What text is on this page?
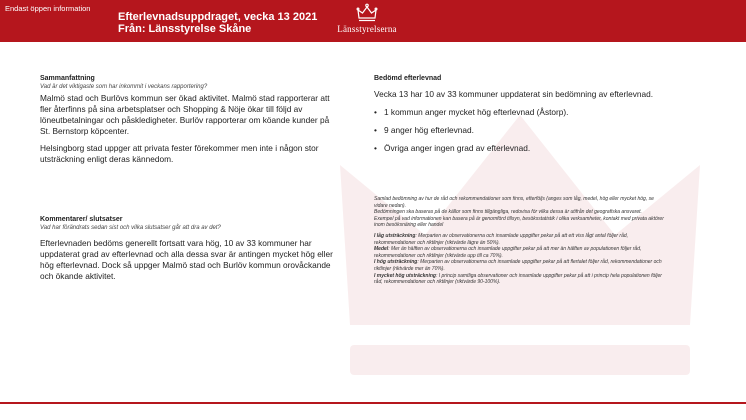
Endast öppen information
Efterlevnadsuppdraget, vecka 13 2021
Från: Länsstyrelse Skåne	Länsstyrelserna
Sammanfattning
Vad är det viktigaste som har inkommit i veckans rapportering?

Malmö stad och Burlövs kommun ser ökad aktivitet. Malmö stad rapporterar att fler återfinns på sina arbetsplatser och Shopping & Nöje ökar till följd av löneutbetalningar och påskledigheter. Burlöv rapporterar om köande kunder på St. Bernstorp köpcenter.

Helsingborg stad uppger att privata fester förekommer men inte i någon stor utsträckning enligt deras kännedom.

Kommentarer/ slutsatser
Vad har förändrats sedan sist och vilka slutsatser går att dra av det?

Efterlevnaden bedöms generellt fortsatt vara hög, 10 av 33 kommuner har uppdaterat grad av efterlevnad och alla dessa svar är antingen mycket hög eller hög efterlevnad. Dock så uppger Malmö stad och Burlöv kommun orovåckande och ökande aktivitet.

Bedömd efterlevnad
Vecka 13 har 10 av 33 kommuner uppdaterat sin bedömning av efterlevnad.
• 1 kommun anger mycket hög efterlevnad (Åstorp).
• 9 anger hög efterlevnad.
• Övriga anger ingen grad av efterlevnad.

Samlad bedömning av hur de råd och rekommendationer som finns, efterföljs (anges som låg, medel, hög eller mycket hög, se vidare nedan).

Bedömningen ska baseras på de källor som finns tillgängliga, redovisa för vilka dessa är utifrån det geografiska ansvaret.

Exempel på vad informationen kan basera på är genomförd tillsyn, besöksstatistik i olika verksamheter, kontakt med privata aktörer inom besöksnäring eller handel

I låg utsträckning: Merparten av observationerna och insamlade uppgifter pekar på att ett viss lågt antal följer råd, rekommendationer och riktlinjer (riktvärde lägre än 50%).

Medel: Mer än hälften av observationerna och insamlade uppgifter pekar på att mer än hälften av populationen följer råd, rekommendationer och riktlinjer (riktvärde upp till ca 70%).

I hög utsträckning: Merparten av observationerna och insamlade uppgifter pekar på att flertalet följer råd, rekommendationer och riktlinjer (riktvärde mer än 70%).

I mycket hög utsträckning: I princip samtliga observationer och insamlade uppgifter pekar på att i princip hela populationen följer råd, rekommendationer och riktlinjer (riktvärde 90-100%).
